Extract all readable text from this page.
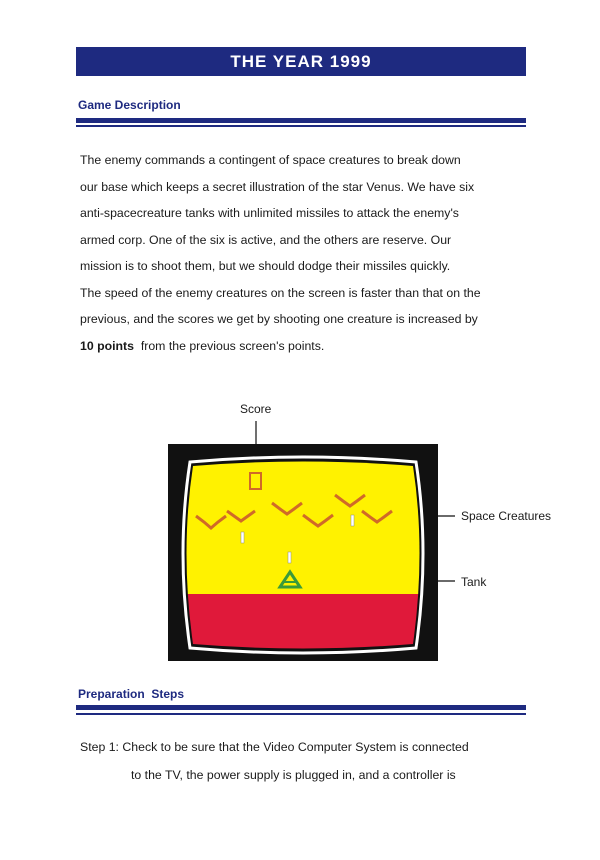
THE YEAR 1999
Game Description

The enemy commands a contingent of space creatures to break down

our base which keeps a secret illustration of the star Venus. We have six

anti-spacecreature tanks with unlimited missiles to attack the enemy's

armed corp. One of the six is active, and the others are reserve. Our

mission is to shoot them, but we should dodge their missiles quickly.

The speed of the enemy creatures on the screen is faster than that on the

previous, and the scores we get by shooting one creature is increased by

10 points  from the previous screen's points.

Score
Space Creatures
Tank
Preparation  Steps
Step 1: Check to be sure that the Video Computer System is connected
to the TV, the power supply is plugged in, and a controller is
